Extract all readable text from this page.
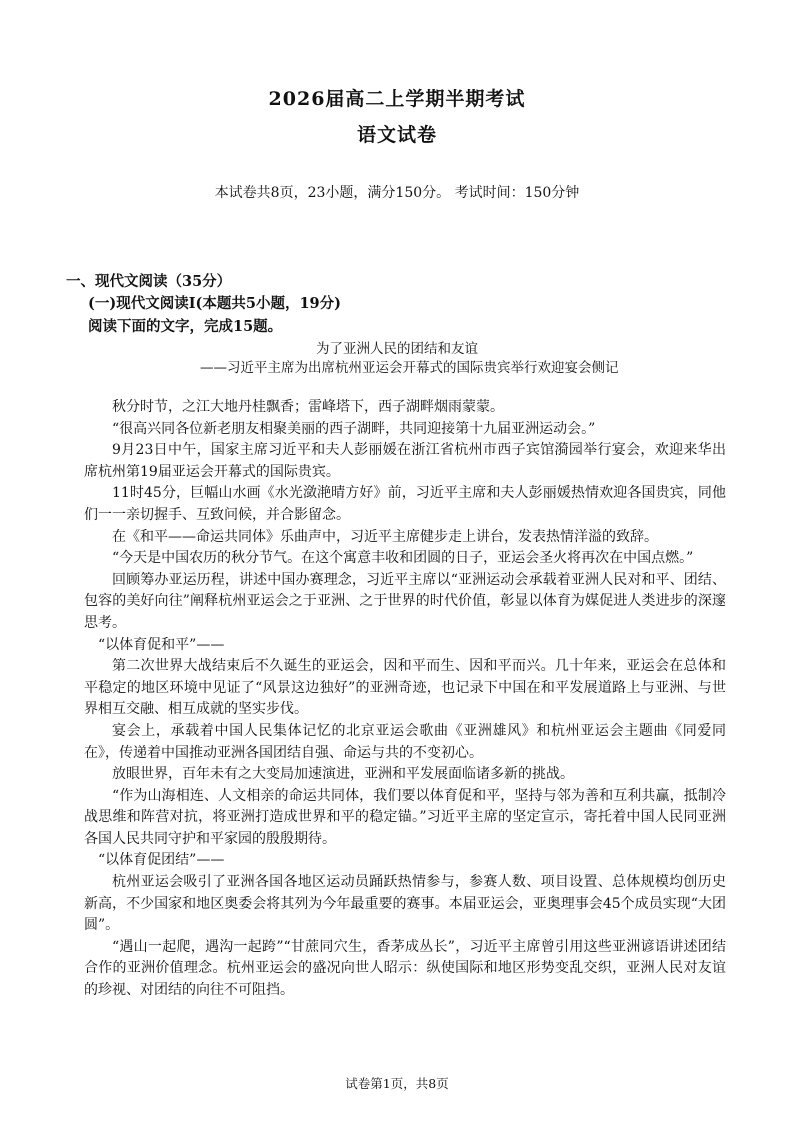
2026届高二上学期半期考试
语文试卷
本试卷共8页，23小题，满分150分。 考试时间：150分钟
一、现代文阅读（35分）
(一)现代文阅读Ⅰ(本题共5小题，19分)
阅读下面的文字，完成15题。
为了亚洲人民的团结和友谊
——习近平主席为出席杭州亚运会开幕式的国际贵宾举行欢迎宴会侧记

秋分时节，之江大地丹桂飘香；雷峰塔下，西子湖畔烟雨蒙蒙。

“很高兴同各位新老朋友相聚美丽的西子湖畔，共同迎接第十九届亚洲运动会。”

9月23日中午，国家主席习近平和夫人彭丽媛在浙江省杭州市西子宾馆漪园举行宴会，欢迎来华出席杭州第19届亚运会开幕式的国际贵宾。

11时45分，巨幅山水画《水光潋滟晴方好》前，习近平主席和夫人彭丽媛热情欢迎各国贵宾，同他们一一亲切握手、互致问候，并合影留念。

在《和平——命运共同体》乐曲声中，习近平主席健步走上讲台，发表热情洋溢的致辞。

“今天是中国农历的秋分节气。在这个寓意丰收和团圆的日子，亚运会圣火将再次在中国点燃。”

回顾筹办亚运历程，讲述中国办赛理念，习近平主席以“亚洲运动会承载着亚洲人民对和平、团结、包容的美好向往”阐释杭州亚运会之于亚洲、之于世界的时代价值，彰显以体育为媒促进人类进步的深邃思考。

“以体育促和平”——

第二次世界大战结束后不久诞生的亚运会，因和平而生、因和平而兴。几十年来，亚运会在总体和平稳定的地区环境中见证了“风景这边独好”的亚洲奇迹，也记录下中国在和平发展道路上与亚洲、与世界相互交融、相互成就的坚实步伐。

宴会上，承载着中国人民集体记忆的北京亚运会歌曲《亚洲雄风》和杭州亚运会主题曲《同爱同在》，传递着中国推动亚洲各国团结自强、命运与共的不变初心。

放眼世界，百年未有之大变局加速演进，亚洲和平发展面临诸多新的挑战。

“作为山海相连、人文相亲的命运共同体，我们要以体育促和平，坚持与邻为善和互利共赢，抵制冷战思维和阵营对抗，将亚洲打造成世界和平的稳定锚。”习近平主席的坚定宣示，寄托着中国人民同亚洲各国人民共同守护和平家园的殷殷期待。

“以体育促团结”——

杭州亚运会吸引了亚洲各国各地区运动员踊跃热情参与，参赛人数、项目设置、总体规模均创历史新高，不少国家和地区奥委会将其列为今年最重要的赛事。本届亚运会，亚奥理事会45个成员实现“大团圆”。

“遇山一起爬，遇沟一起跨”“甘蔗同穴生，香茅成丛长”，习近平主席曾引用这些亚洲谚语讲述团结合作的亚洲价值理念。杭州亚运会的盛况向世人昭示：纵使国际和地区形势变乱交织，亚洲人民对友谊的珍视、对团结的向往不可阻挡。

试卷第1页，共8页
